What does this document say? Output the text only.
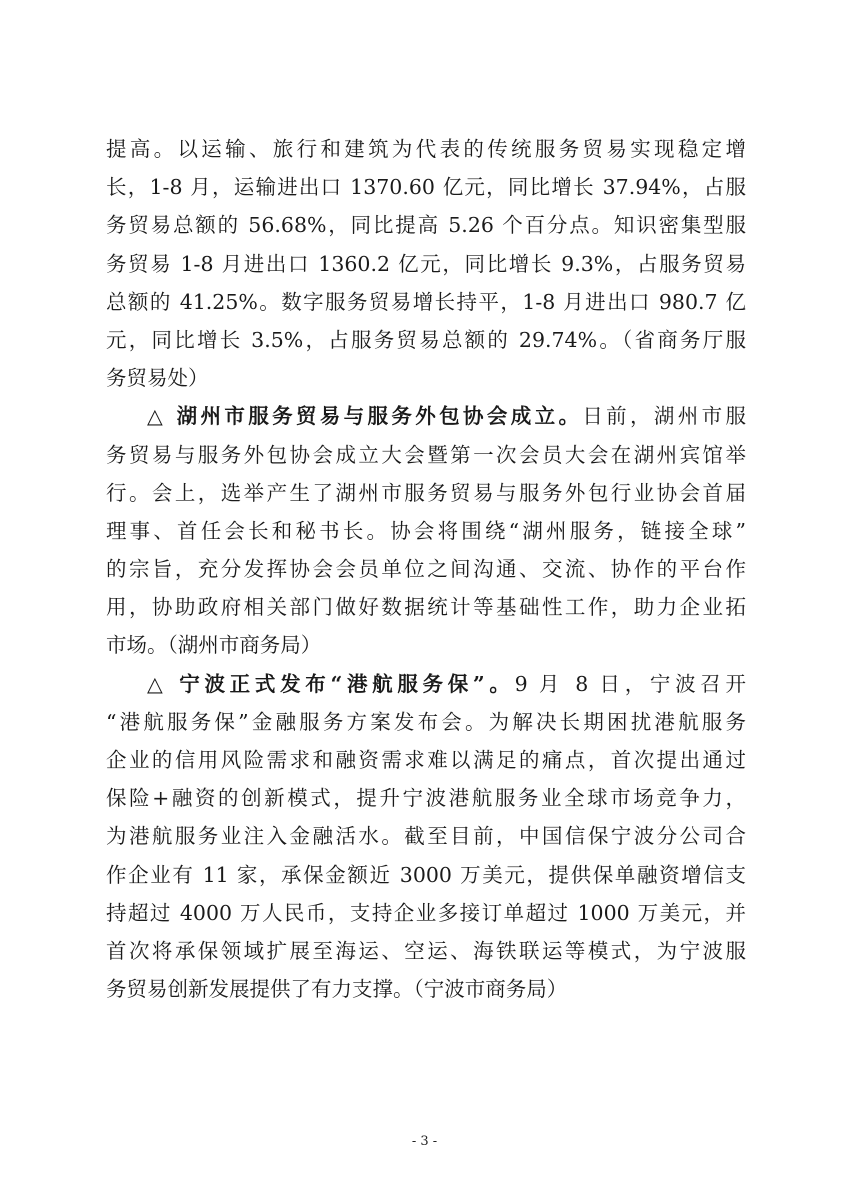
提高。以运输、旅行和建筑为代表的传统服务贸易实现稳定增
长，1-8 月，运输进出口 1370.60 亿元，同比增长 37.94%，占服
务贸易总额的 56.68%，同比提高 5.26 个百分点。知识密集型服
务贸易 1-8 月进出口 1360.2 亿元，同比增长 9.3%，占服务贸易
总额的 41.25%。数字服务贸易增长持平，1-8 月进出口 980.7 亿
元，同比增长 3.5%，占服务贸易总额的 29.74%。（省商务厅服
务贸易处）
△ 湖州市服务贸易与服务外包协会成立。日前，湖州市服
务贸易与服务外包协会成立大会暨第一次会员大会在湖州宾馆举
行。会上，选举产生了湖州市服务贸易与服务外包行业协会首届
理事、首任会长和秘书长。协会将围绕“湖州服务，链接全球”
的宗旨，充分发挥协会会员单位之间沟通、交流、协作的平台作
用，协助政府相关部门做好数据统计等基础性工作，助力企业拓
市场。（湖州市商务局）
△ 宁波正式发布“港航服务保”。9 月 8 日，宁波召开
“港航服务保”金融服务方案发布会。为解决长期困扰港航服务
企业的信用风险需求和融资需求难以满足的痛点，首次提出通过
保险+融资的创新模式，提升宁波港航服务业全球市场竞争力，
为港航服务业注入金融活水。截至目前，中国信保宁波分公司合
作企业有 11 家，承保金额近 3000 万美元，提供保单融资增信支
持超过 4000 万人民币，支持企业多接订单超过 1000 万美元，并
首次将承保领域扩展至海运、空运、海铁联运等模式，为宁波服
务贸易创新发展提供了有力支撑。（宁波市商务局）
- 3 -
